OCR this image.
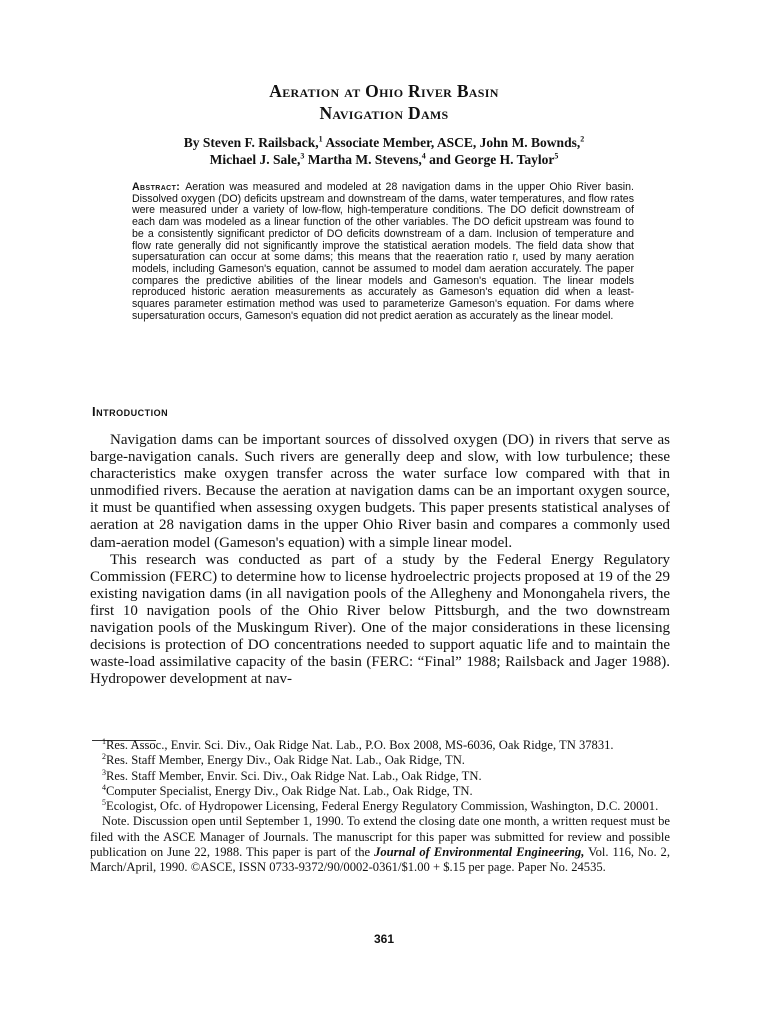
Aeration at Ohio River Basin
Navigation Dams
By Steven F. Railsback,$^1$ Associate Member, ASCE, John M. Bownds,$^2$
Michael J. Sale,$^3$ Martha M. Stevens,$^4$ and George H. Taylor$^5$
Abstract: Aeration was measured and modeled at 28 navigation dams in the upper Ohio River basin. Dissolved oxygen (DO) deficits upstream and downstream of the dams, water temperatures, and flow rates were measured under a variety of low-flow, high-temperature conditions. The DO deficit downstream of each dam was modeled as a linear function of the other variables. The DO deficit upstream was found to be a consistently significant predictor of DO deficits downstream of a dam. Inclusion of temperature and flow rate generally did not significantly improve the statistical aeration models. The field data show that supersaturation can occur at some dams; this means that the reaeration ratio r, used by many aeration models, including Gameson's equation, cannot be assumed to model dam aeration accurately. The paper compares the predictive abilities of the linear models and Gameson's equation. The linear models reproduced historic aeration measurements as accurately as Gameson's equation did when a least-squares parameter estimation method was used to parameterize Gameson's equation. For dams where supersaturation occurs, Gameson's equation did not predict aeration as accurately as the linear model.
Introduction

Navigation dams can be important sources of dissolved oxygen (DO) in rivers that serve as barge-navigation canals. Such rivers are generally deep and slow, with low turbulence; these characteristics make oxygen transfer across the water surface low compared with that in unmodified rivers. Because the aeration at navigation dams can be an important oxygen source, it must be quantified when assessing oxygen budgets. This paper presents statistical analyses of aeration at 28 navigation dams in the upper Ohio River basin and compares a commonly used dam-aeration model (Gameson's equation) with a simple linear model.

This research was conducted as part of a study by the Federal Energy Regulatory Commission (FERC) to determine how to license hydroelectric projects proposed at 19 of the 29 existing navigation dams (in all navigation pools of the Allegheny and Monongahela rivers, the first 10 navigation pools of the Ohio River below Pittsburgh, and the two downstream navigation pools of the Muskingum River). One of the major considerations in these licensing decisions is protection of DO concentrations needed to support aquatic life and to maintain the waste-load assimilative capacity of the basin (FERC: “Final” 1988; Railsback and Jager 1988). Hydropower development at nav-

$^1$Res. Assoc., Envir. Sci. Div., Oak Ridge Nat. Lab., P.O. Box 2008, MS-6036, Oak Ridge, TN 37831.

$^2$Res. Staff Member, Energy Div., Oak Ridge Nat. Lab., Oak Ridge, TN.

$^3$Res. Staff Member, Envir. Sci. Div., Oak Ridge Nat. Lab., Oak Ridge, TN.

$^4$Computer Specialist, Energy Div., Oak Ridge Nat. Lab., Oak Ridge, TN.

$^5$Ecologist, Ofc. of Hydropower Licensing, Federal Energy Regulatory Commission, Washington, D.C. 20001.

Note. Discussion open until September 1, 1990. To extend the closing date one month, a written request must be filed with the ASCE Manager of Journals. The manuscript for this paper was submitted for review and possible publication on June 22, 1988. This paper is part of the Journal of Environmental Engineering, Vol. 116, No. 2, March/April, 1990. ©ASCE, ISSN 0733-9372/90/0002-0361/$1.00 + $.15 per page. Paper No. 24535.

361
